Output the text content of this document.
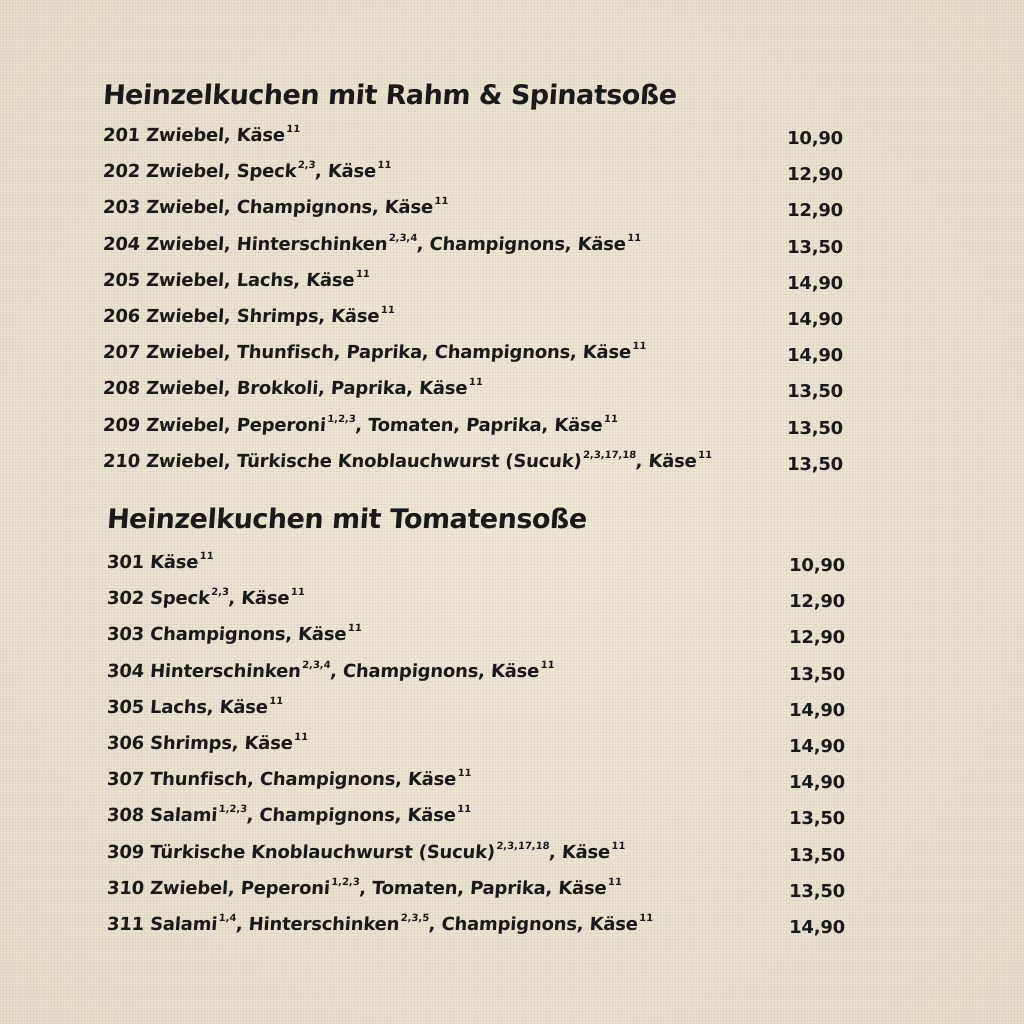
Heinzelkuchen mit Rahm & Spinatsoße
201 Zwiebel, Käse$^{11}$	10,90
202 Zwiebel, Speck$^{2,3}$, Käse$^{11}$	12,90
203 Zwiebel, Champignons, Käse$^{11}$	12,90
204 Zwiebel, Hinterschinken$^{2,3,4}$, Champignons, Käse$^{11}$	13,50
205 Zwiebel, Lachs, Käse$^{11}$	14,90
206 Zwiebel, Shrimps, Käse$^{11}$	14,90
207 Zwiebel, Thunfisch, Paprika, Champignons, Käse$^{11}$	14,90
208 Zwiebel, Brokkoli, Paprika, Käse$^{11}$	13,50
209 Zwiebel, Peperoni$^{1,2,3}$, Tomaten, Paprika, Käse$^{11}$	13,50
210 Zwiebel, Türkische Knoblauchwurst (Sucuk)$^{2,3,17,18}$, Käse$^{11}$	13,50
Heinzelkuchen mit Tomatensoße
301 Käse$^{11}$	10,90
302 Speck$^{2,3}$, Käse$^{11}$	12,90
303 Champignons, Käse$^{11}$	12,90
304 Hinterschinken$^{2,3,4}$, Champignons, Käse$^{11}$	13,50
305 Lachs, Käse$^{11}$	14,90
306 Shrimps, Käse$^{11}$	14,90
307 Thunfisch, Champignons, Käse$^{11}$	14,90
308 Salami$^{1,2,3}$, Champignons, Käse$^{11}$	13,50
309 Türkische Knoblauchwurst (Sucuk)$^{2,3,17,18}$, Käse$^{11}$	13,50
310 Zwiebel, Peperoni$^{1,2,3}$, Tomaten, Paprika, Käse$^{11}$	13,50
311 Salami$^{1,4}$, Hinterschinken$^{2,3,5}$, Champignons, Käse$^{11}$	14,90
